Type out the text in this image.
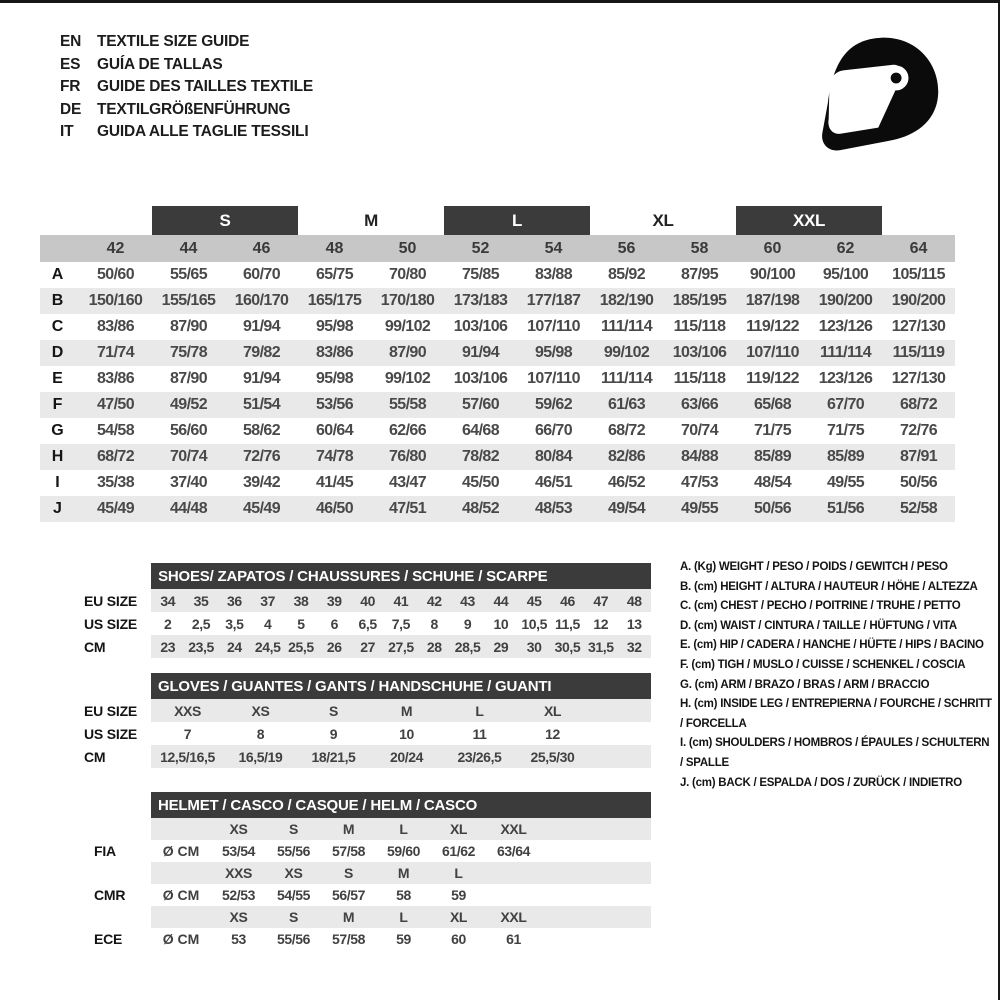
EN	TEXTILE SIZE GUIDE
ES	GUÍA DE TALLAS
FR	GUIDE DES TAILLES TEXTILE
DE	TEXTILGRÖßENFÜHRUNG
IT	GUIDA ALLE TAGLIE TESSILI
		S		M		L		XL		XXL		
	42	44	46	48	50	52	54	56	58	60	62	64
A	50/60	55/65	60/70	65/75	70/80	75/85	83/88	85/92	87/95	90/100	95/100	105/115
B	150/160	155/165	160/170	165/175	170/180	173/183	177/187	182/190	185/195	187/198	190/200	190/200
C	83/86	87/90	91/94	95/98	99/102	103/106	107/110	111/114	115/118	119/122	123/126	127/130
D	71/74	75/78	79/82	83/86	87/90	91/94	95/98	99/102	103/106	107/110	111/114	115/119
E	83/86	87/90	91/94	95/98	99/102	103/106	107/110	111/114	115/118	119/122	123/126	127/130
F	47/50	49/52	51/54	53/56	55/58	57/60	59/62	61/63	63/66	65/68	67/70	68/72
G	54/58	56/60	58/62	60/64	62/66	64/68	66/70	68/72	70/74	71/75	71/75	72/76
H	68/72	70/74	72/76	74/78	76/80	78/82	80/84	82/86	84/88	85/89	85/89	87/91
I	35/38	37/40	39/42	41/45	43/47	45/50	46/51	46/52	47/53	48/54	49/55	50/56
J	45/49	44/48	45/49	46/50	47/51	48/52	48/53	49/54	49/55	50/56	51/56	52/58
	SHOES/ ZAPATOS / CHAUSSURES / SCHUHE / SCARPE														
EU SIZE	34	35	36	37	38	39	40	41	42	43	44	45	46	47	48
US SIZE	2	2,5	3,5	4	5	6	6,5	7,5	8	9	10	10,5	11,5	12	13
CM	23	23,5	24	24,5	25,5	26	27	27,5	28	28,5	29	30	30,5	31,5	32
	GLOVES / GUANTES / GANTS / HANDSCHUHE / GUANTI						
EU SIZE	XXS	XS	S	M	L	XL	
US SIZE	7	8	9	10	11	12	
CM	12,5/16,5	16,5/19	18/21,5	20/24	23/26,5	25,5/30	
	HELMET / CASCO / CASQUE / HELM / CASCO							
		XS	S	M	L	XL	XXL	
FIA	Ø CM	53/54	55/56	57/58	59/60	61/62	63/64	
		XXS	XS	S	M	L		
CMR	Ø CM	52/53	54/55	56/57	58	59		
		XS	S	M	L	XL	XXL	
ECE	Ø CM	53	55/56	57/58	59	60	61	
A. (Kg) WEIGHT / PESO / POIDS / GEWITCH / PESO
B. (cm) HEIGHT / ALTURA / HAUTEUR / HÖHE / ALTEZZA
C. (cm) CHEST / PECHO / POITRINE / TRUHE / PETTO
D. (cm) WAIST / CINTURA / TAILLE / HÜFTUNG / VITA
E. (cm) HIP / CADERA / HANCHE / HÜFTE / HIPS / BACINO
F. (cm) TIGH / MUSLO / CUISSE / SCHENKEL / COSCIA
G. (cm) ARM / BRAZO / BRAS / ARM / BRACCIO
H. (cm) INSIDE LEG / ENTREPIERNA / FOURCHE / SCHRITT / FORCELLA
I. (cm) SHOULDERS / HOMBROS / ÉPAULES / SCHULTERN / SPALLE
J. (cm) BACK / ESPALDA / DOS / ZURÜCK / INDIETRO
